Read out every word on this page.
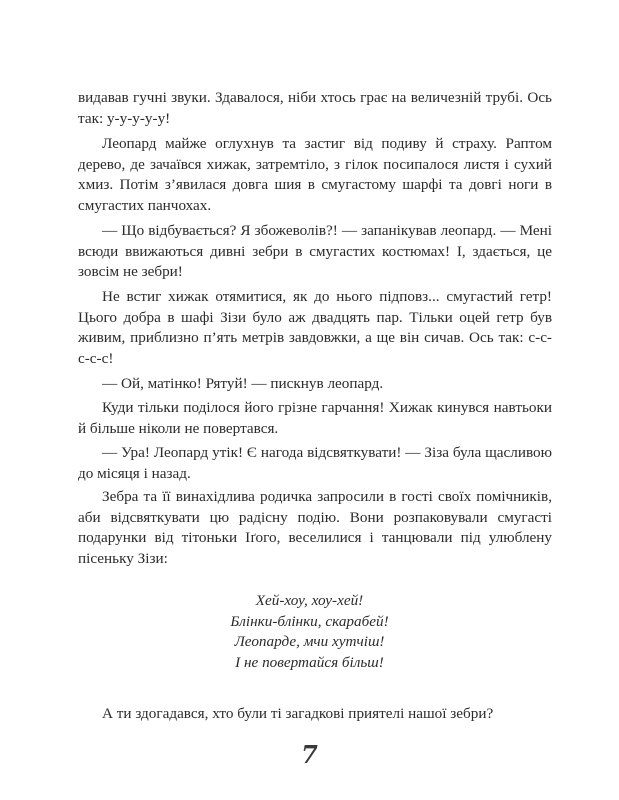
видавав гучні звуки. Здавалося, ніби хтось грає на величезній трубі. Ось так: у-у-у-у-у!

Леопард майже оглухнув та застиг від подиву й страху. Раптом дерево, де зачаївся хижак, затремтіло, з гілок посипалося листя і сухий хмиз. Потім з’явилася довга шия в смугастому шарфі та довгі ноги в смугастих панчохах.

— Що відбувається? Я збожеволів?! — запанікував леопард. — Мені всюди ввижаються дивні зебри в смугастих костюмах! І, здається, це зовсім не зебри!

Не встиг хижак отямитися, як до нього підповз... смугастий гетр! Цього добра в шафі Зізи було аж двадцять пар. Тільки оцей гетр був живим, приблизно п’ять метрів завдовжки, а ще він сичав. Ось так: с-с-с-с-с!

— Ой, матінко! Рятуй! — пискнув леопард.

Куди тільки поділося його грізне гарчання! Хижак кинувся навтьоки й більше ніколи не повертався.

— Ура! Леопард утік! Є нагода відсвяткувати! — Зіза була щасливою до місяця і назад.

Зебра та її винахідлива родичка запросили в гості своїх помічників, аби відсвяткувати цю радісну подію. Вони розпаковували смугасті подарунки від тітоньки Іґого, веселилися і танцювали під улюблену пісеньку Зізи:

Хей-хоу, хоу-хей!
Блінки-блінки, скарабей!
Леопарде, мчи хутчіш!
І не повертайся більш!
А ти здогадався, хто були ті загадкові приятелі нашої зебри?
7
